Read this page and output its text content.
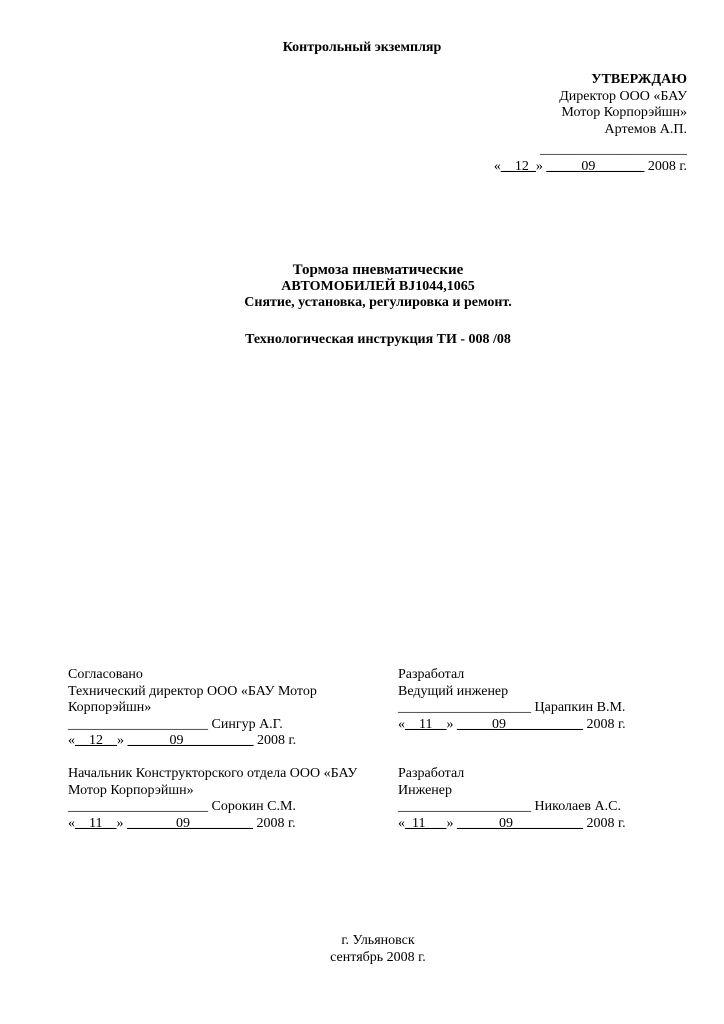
Контрольный экземпляр
УТВЕРЖДАЮ
Директор ООО «БАУ
Мотор Корпорэйшн»
Артемов А.П.
_____________________
«__12_» _____09_______ 2008 г.
Тормоза пневматические
АВТОМОБИЛЕЙ BJ1044,1065
Снятие, установка, регулировка и ремонт.
Технологическая инструкция ТИ - 008 /08
Согласовано
Технический директор ООО «БАУ Мотор
Корпорэйшн»
____________________ Сингур А.Г.
«__12__» ______09__________ 2008 г.
Разработал
Ведущий инженер
___________________ Царапкин В.М.
«__11__» _____09___________ 2008 г.
Начальник Конструкторского отдела ООО «БАУ
Мотор Корпорэйшн»
____________________ Сорокин С.М.
«__11__» _______09_________ 2008 г.
Разработал
Инженер
___________________ Николаев А.С.
«_11___» ______09__________ 2008 г.
г. Ульяновск
сентябрь 2008 г.
